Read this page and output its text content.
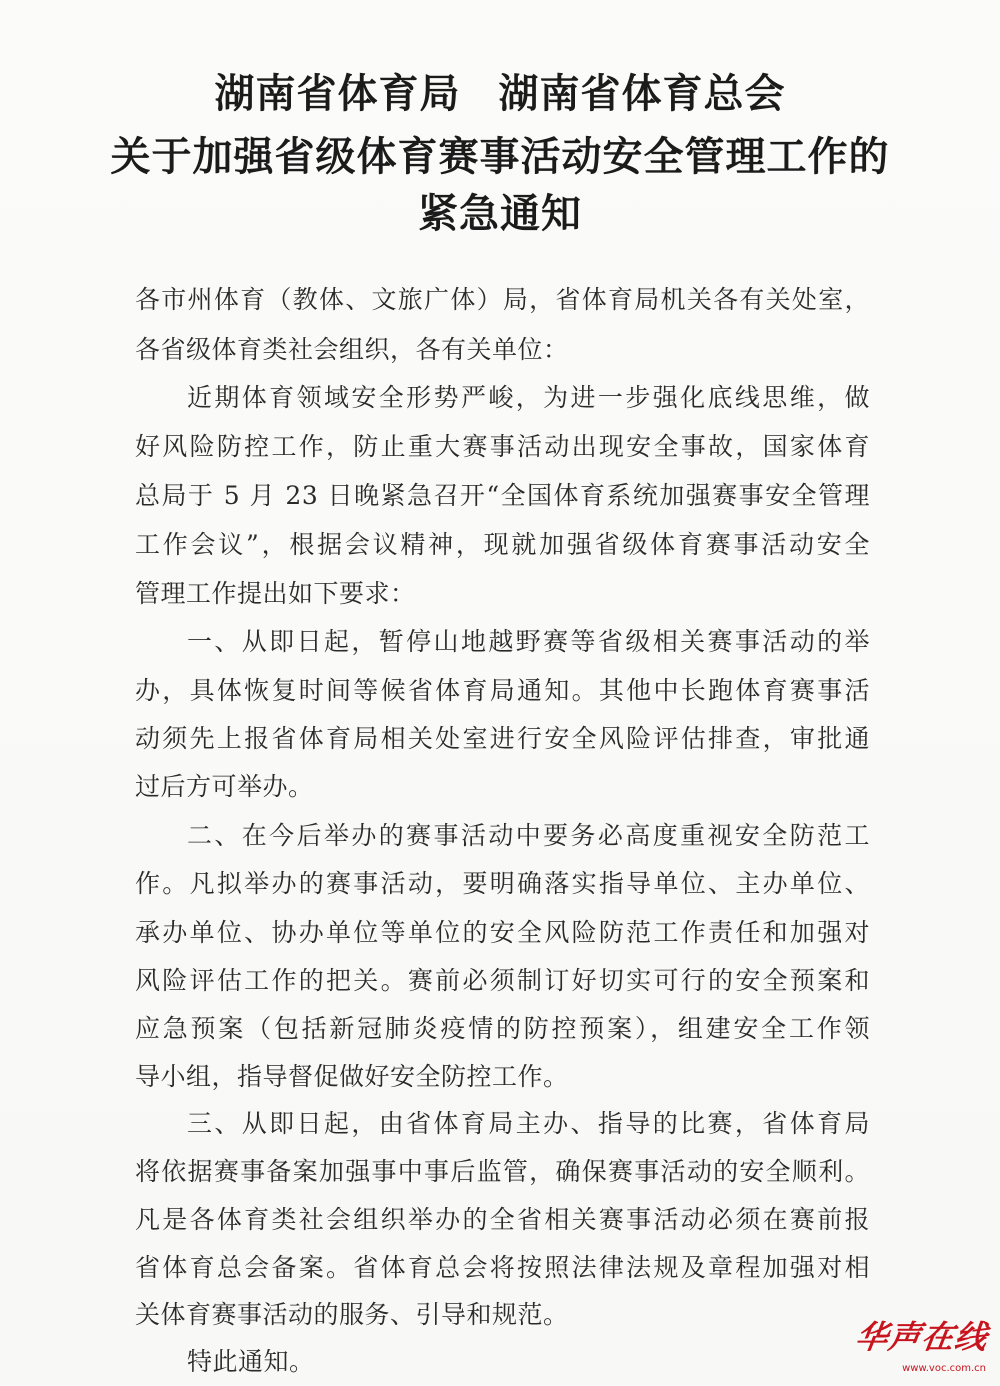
湖南省体育局 湖南省体育总会
关于加强省级体育赛事活动安全管理工作的
紧急通知
各市州体育（教体、文旅广体）局，省体育局机关各有关处室，
各省级体育类社会组织，各有关单位：
近期体育领域安全形势严峻，为进一步强化底线思维，做
好风险防控工作，防止重大赛事活动出现安全事故，国家体育
总局于 5 月 23 日晚紧急召开“全国体育系统加强赛事安全管理
工作会议”，根据会议精神，现就加强省级体育赛事活动安全
管理工作提出如下要求：
一、从即日起，暂停山地越野赛等省级相关赛事活动的举
办，具体恢复时间等候省体育局通知。其他中长跑体育赛事活
动须先上报省体育局相关处室进行安全风险评估排查，审批通
过后方可举办。
二、在今后举办的赛事活动中要务必高度重视安全防范工
作。凡拟举办的赛事活动，要明确落实指导单位、主办单位、
承办单位、协办单位等单位的安全风险防范工作责任和加强对
风险评估工作的把关。赛前必须制订好切实可行的安全预案和
应急预案（包括新冠肺炎疫情的防控预案），组建安全工作领
导小组，指导督促做好安全防控工作。
三、从即日起，由省体育局主办、指导的比赛，省体育局
将依据赛事备案加强事中事后监管，确保赛事活动的安全顺利。
凡是各体育类社会组织举办的全省相关赛事活动必须在赛前报
省体育总会备案。省体育总会将按照法律法规及章程加强对相
关体育赛事活动的服务、引导和规范。
特此通知。
华声在线
www.voc.com.cn
